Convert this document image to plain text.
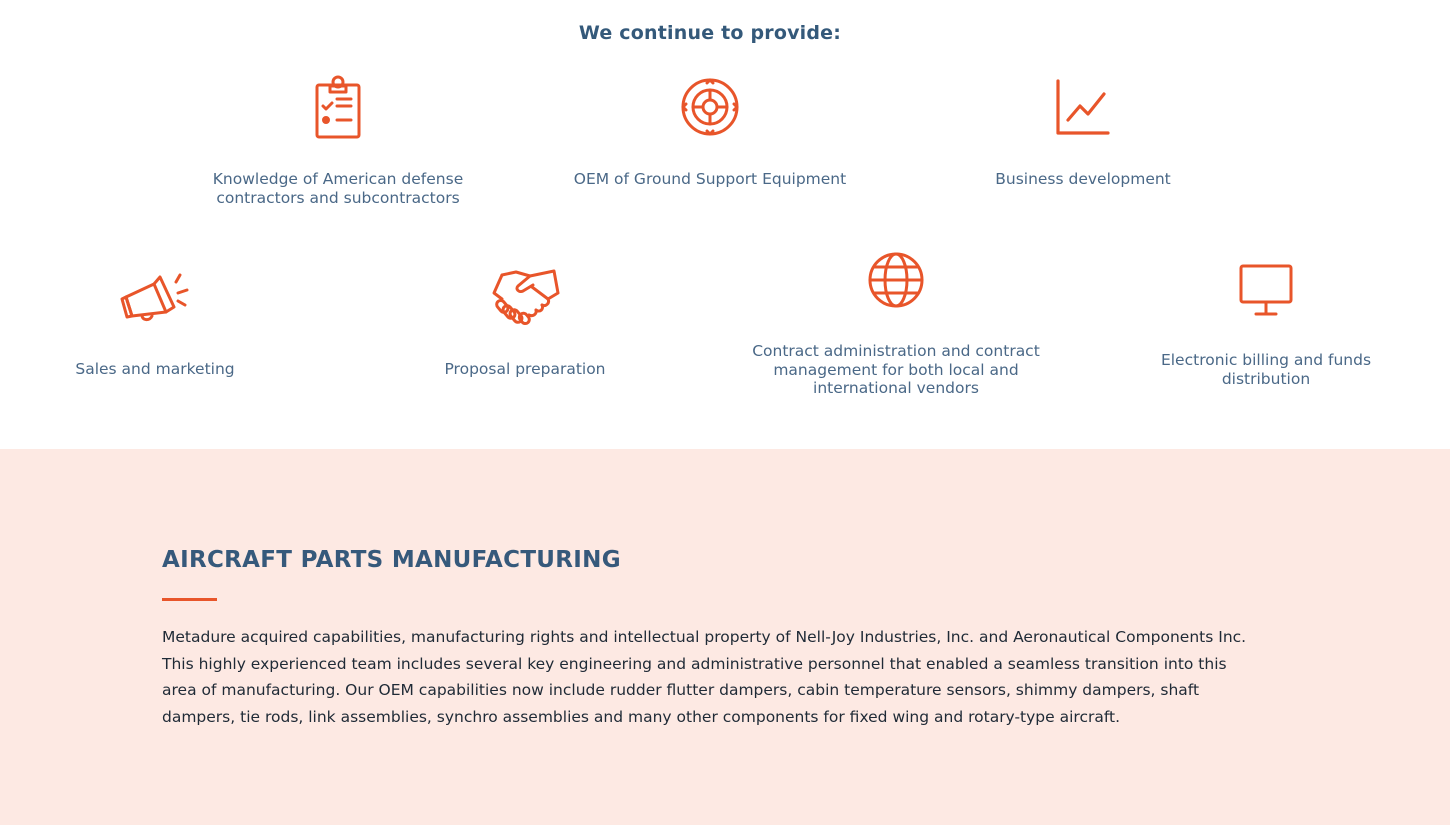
We continue to provide:
Knowledge of American defense contractors and subcontractors
OEM of Ground Support Equipment	Business development
Sales and marketing	Proposal preparation
Contract administration and contract management for both local and international vendors
Electronic billing and funds distribution
AIRCRAFT PARTS MANUFACTURING
Metadure acquired capabilities, manufacturing rights and intellectual property of Nell-Joy Industries, Inc. and Aeronautical Components Inc. This highly experienced team includes several key engineering and administrative personnel that enabled a seamless transition into this area of manufacturing. Our OEM capabilities now include rudder flutter dampers, cabin temperature sensors, shimmy dampers, shaft dampers, tie rods, link assemblies, synchro assemblies and many other components for fixed wing and rotary-type aircraft.
